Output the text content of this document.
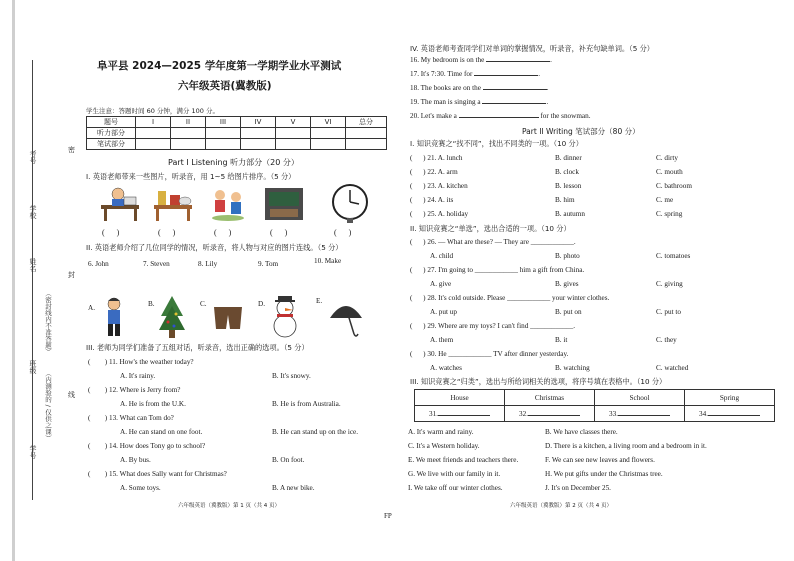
考号
学校
姓名
（密封线内不准答题）
班级
（内测验的 / 仅供之课）
学号
密
封
线
阜平县 2024—2025 学年度第一学期学业水平测试
六年级英语(冀教版)
学生注意：答题时间 60 分钟，满分 100 分。
题号	I	II	III	IV	V	VI	总分
听力部分							
笔试部分							
Part I Listening 听力部分（20 分）
I. 英语老师带来一些图片，听录音，用 1~5 给图片排序。（5 分）
( )	( )	( )	( )	( )
II. 英语老师介绍了几位同学的情况，听录音，将人物与对应的图片连线。（5 分）
6. John	7. Steven	8. Lily	9. Tom	10. Make
A.	B.	C.	D.	E.
III. 老师为同学们准备了五组对话，听录音，选出正确的选项。（5 分）
(        ) 11. How's the weather today?
A. It's rainy.	B. It's snowy.
(        ) 12. Where is Jerry from?
A. He is from the U.K.	B. He is from Australia.
(        ) 13. What can Tom do?
A. He can stand on one foot.	B. He can stand up on the ice.
(        ) 14. How does Tony go to school?
A. By bus.	B. On foot.
(        ) 15. What does Sally want for Christmas?
A. Some toys.	B. A new bike.
六年级英语（冀教版）第 1 页（共 4 页）
FP
IV. 英语老师考查同学们对单词的掌握情况，听录音，补充句缺单词。（5 分）
16. My bedroom is on the	.
17. It's 7:30. Time for	.
18. The books are on the	.
19. The man is singing a	.
20. Let's make a	for the snowman.
Part II Writing 笔试部分（80 分）
I. 知识竞赛之“找不同”，找出不同类的一项。（10 分）
(      ) 21. A. lunch	B. dinner	C. dirty
(      ) 22. A. arm	B. clock	C. mouth
(      ) 23. A. kitchen	B. lesson	C. bathroom
(      ) 24. A. its	B. him	C. me
(      ) 25. A. holiday	B. autumn	C. spring
II. 知识竞赛之“单选”，选出合适的一项。（10 分）
(      ) 26. — What are these? — They are ____________.
A. child	B. photo	C. tomatoes
(      ) 27. I'm going to ____________ him a gift from China.
A. give	B. gives	C. giving
(      ) 28. It's cold outside. Please ____________ your winter clothes.
A. put up	B. put on	C. put to
(      ) 29. Where are my toys? I can't find ____________.
A. them	B. it	C. they
(      ) 30. He ____________ TV after dinner yesterday.
A. watches	B. watching	C. watched
III. 知识竞赛之“归类”，选出与所给词相关的选项，将序号填在表格中。（10 分）
House	Christmas	School	Spring
31.	32.	33.	34.
A. It's warm and rainy.	B. We have classes there.
C. It's a Western holiday.	D. There is a kitchen, a living room and a bedroom in it.
E. We meet friends and teachers there.	F. We can see new leaves and flowers.
G. We live with our family in it.	H. We put gifts under the Christmas tree.
I. We take off our winter clothes.	J. It's on December 25.
六年级英语（冀教版）第 2 页（共 4 页）
